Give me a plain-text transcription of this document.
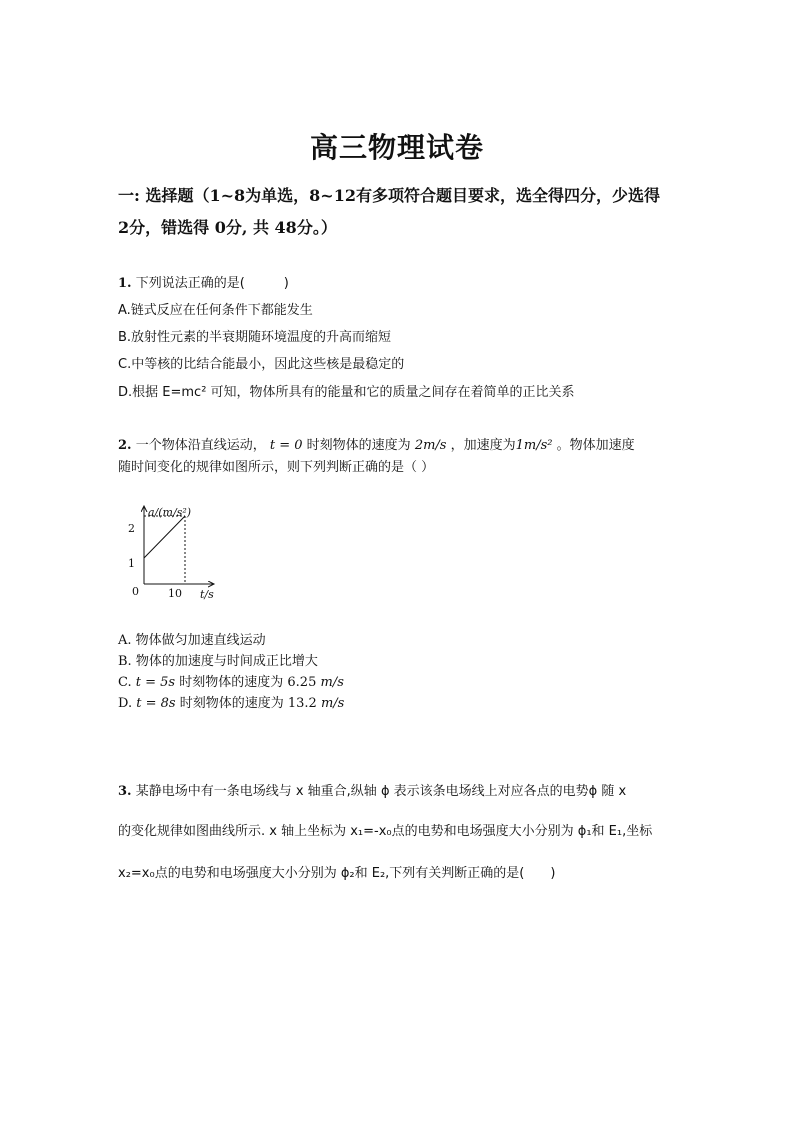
高三物理试卷
一: 选择题（1~8为单选，8~12有多项符合题目要求，选全得四分，少选得
2分，错选得 0分, 共 48分。）
1. 下列说法正确的是(　　　)
A.链式反应在任何条件下都能发生
B.放射性元素的半衰期随环境温度的升高而缩短
C.中等核的比结合能最小，因此这些核是最稳定的
D.根据 E=mc² 可知，物体所具有的能量和它的质量之间存在着简单的正比关系
2. 一个物体沿直线运动， t = 0 时刻物体的速度为 2m/s ，加速度为1m/s² 。物体加速度
随时间变化的规律如图所示，则下列判断正确的是（ ）
a/(m/s²)
t/s
0
1
2
10
A. 物体做匀加速直线运动
B. 物体的加速度与时间成正比增大
C. t = 5s 时刻物体的速度为 6.25 m/s
D. t = 8s 时刻物体的速度为 13.2 m/s
3. 某静电场中有一条电场线与 x 轴重合,纵轴 ϕ 表示该条电场线上对应各点的电势ϕ 随 x
的变化规律如图曲线所示. x 轴上坐标为 x₁=-x₀点的电势和电场强度大小分别为 ϕ₁和 E₁,坐标
x₂=x₀点的电势和电场强度大小分别为 ϕ₂和 E₂,下列有关判断正确的是(　　)
